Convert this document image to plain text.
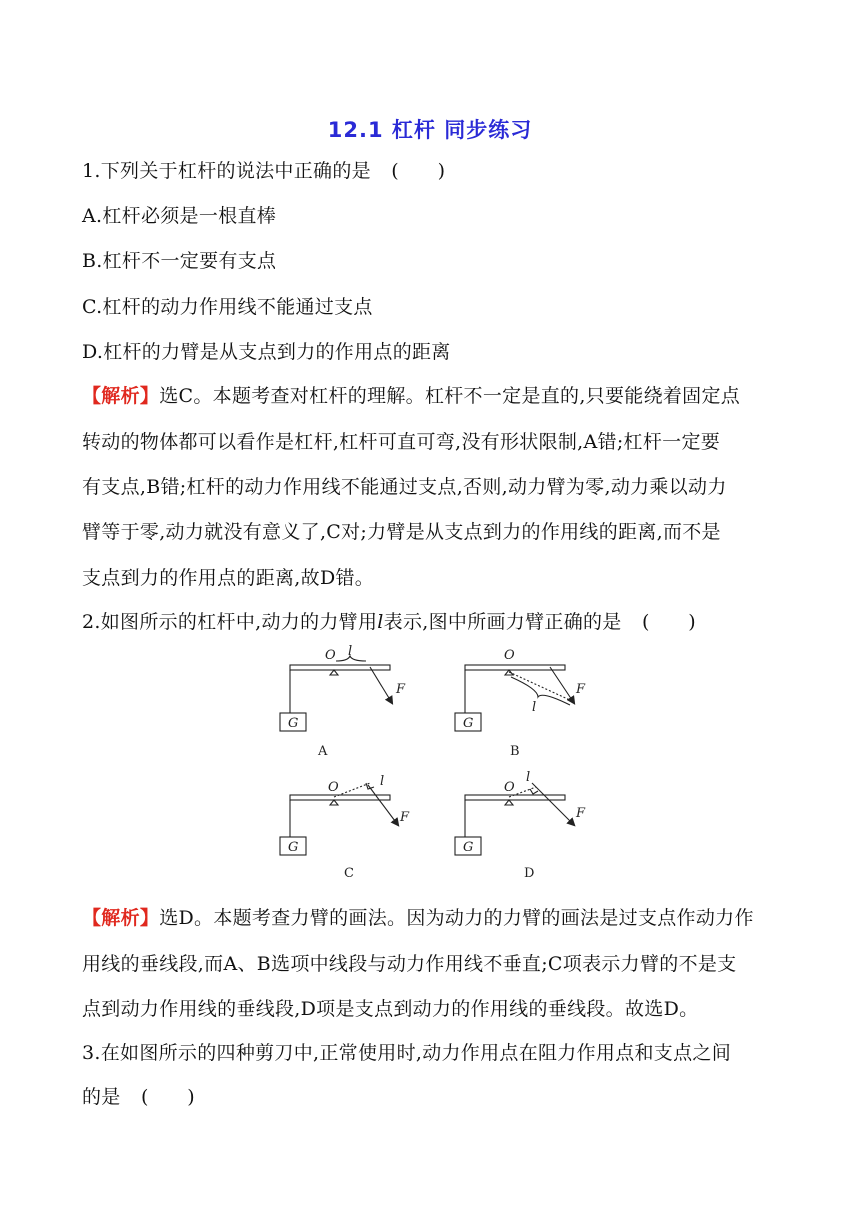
12.1 杠杆 同步练习
1.下列关于杠杆的说法中正确的是 (　　)
A.杠杆必须是一根直棒
B.杠杆不一定要有支点
C.杠杆的动力作用线不能通过支点
D.杠杆的力臂是从支点到力的作用点的距离
【解析】选C。本题考查对杠杆的理解。杠杆不一定是直的,只要能绕着固定点
转动的物体都可以看作是杠杆,杠杆可直可弯,没有形状限制,A错;杠杆一定要
有支点,B错;杠杆的动力作用线不能通过支点,否则,动力臂为零,动力乘以动力
臂等于零,动力就没有意义了,C对;力臂是从支点到力的作用线的距离,而不是
支点到力的作用点的距离,故D错。
2.如图所示的杠杆中,动力的力臂用l表示,图中所画力臂正确的是 (　　)
O l
F
G
O
l
F
G
O	l
F
G
O
l
F
G
A	B
C	D
【解析】选D。本题考查力臂的画法。因为动力的力臂的画法是过支点作动力作
用线的垂线段,而A、B选项中线段与动力作用线不垂直;C项表示力臂的不是支
点到动力作用线的垂线段,D项是支点到动力的作用线的垂线段。故选D。
3.在如图所示的四种剪刀中,正常使用时,动力作用点在阻力作用点和支点之间
的是 (　　)
